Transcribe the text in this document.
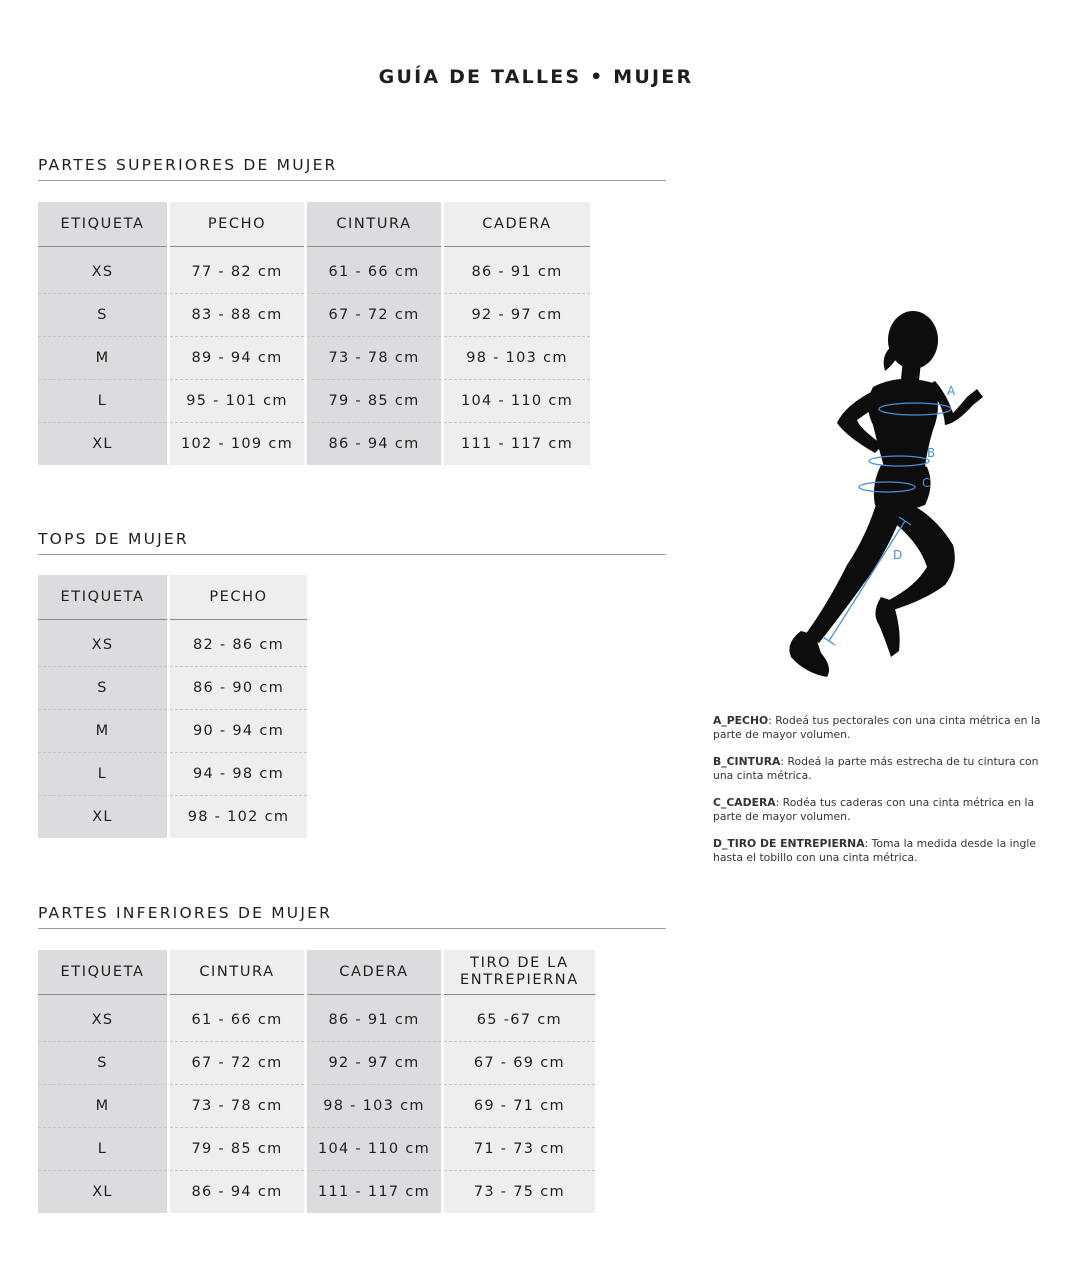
GUÍA DE TALLES • MUJER
PARTES SUPERIORES DE MUJER
ETIQUETA	PECHO	CINTURA	CADERA
XS	77 - 82 cm	61 - 66 cm	86 - 91 cm
S	83 - 88 cm	67 - 72 cm	92 - 97 cm
M	89 - 94 cm	73 - 78 cm	98 - 103 cm
L	95 - 101 cm	79 - 85 cm	104 - 110 cm
XL	102 - 109 cm	86 - 94 cm	111 - 117 cm
TOPS DE MUJER
ETIQUETA	PECHO
XS	82 - 86 cm
S	86 - 90 cm
M	90 - 94 cm
L	94 - 98 cm
XL	98 - 102 cm
PARTES INFERIORES DE MUJER
ETIQUETA	CINTURA	CADERA	TIRO DE LA ENTREPIERNA
XS	61 - 66 cm	86 - 91 cm	65 -67 cm
S	67 - 72 cm	92 - 97 cm	67 - 69 cm
M	73 - 78 cm	98 - 103 cm	69 - 71 cm
L	79 - 85 cm	104 - 110 cm	71 - 73 cm
XL	86 - 94 cm	111 - 117 cm	73 - 75 cm
A
B
C
D

A_PECHO: Rodeá tus pectorales con una cinta métrica en la parte de mayor volumen.

B_CINTURA: Rodeá la parte más estrecha de tu cintura con una cinta métrica.

C_CADERA: Rodéa tus caderas con una cinta métrica en la parte de mayor volumen.

D_TIRO DE ENTREPIERNA: Toma la medida desde la ingle hasta el tobillo con una cinta métrica.
